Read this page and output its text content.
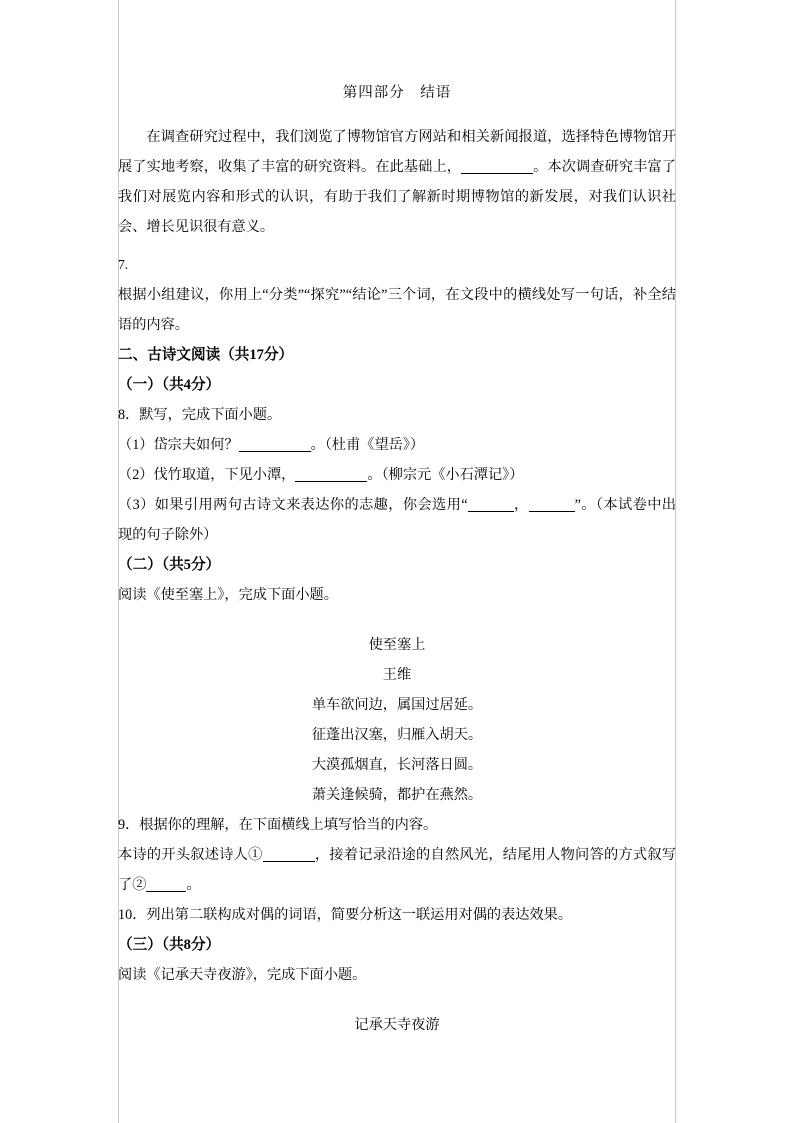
第四部分　结语

在调查研究过程中，我们浏览了博物馆官方网站和相关新闻报道，选择特色博物馆开展了实地考察，收集了丰富的研究资料。在此基础上，	。本次调查研究丰富了我们对展览内容和形式的认识，有助于我们了解新时期博物馆的新发展，对我们认识社会、增长见识很有意义。

7.

根据小组建议，你用上“分类”“探究”“结论”三个词，在文段中的横线处写一句话，补全结语的内容。

二、古诗文阅读（共17分）

（一）（共4分）

8．默写，完成下面小题。

（1）岱宗夫如何？	。（杜甫《望岳》）

（2）伐竹取道，下见小潭，	。（柳宗元《小石潭记》）

（3）如果引用两句古诗文来表达你的志趣，你会选用“	，	”。（本试卷中出现的句子除外）

（二）（共5分）

阅读《使至塞上》，完成下面小题。

使至塞上

王维

单车欲问边，属国过居延。

征蓬出汉塞，归雁入胡天。

大漠孤烟直，长河落日圆。

萧关逢候骑，都护在燕然。

9．根据你的理解，在下面横线上填写恰当的内容。

本诗的开头叙述诗人①	，接着记录沿途的自然风光，结尾用人物问答的方式叙写了②	。

10．列出第二联构成对偶的词语，简要分析这一联运用对偶的表达效果。

（三）（共8分）

阅读《记承天寺夜游》，完成下面小题。

记承天寺夜游
